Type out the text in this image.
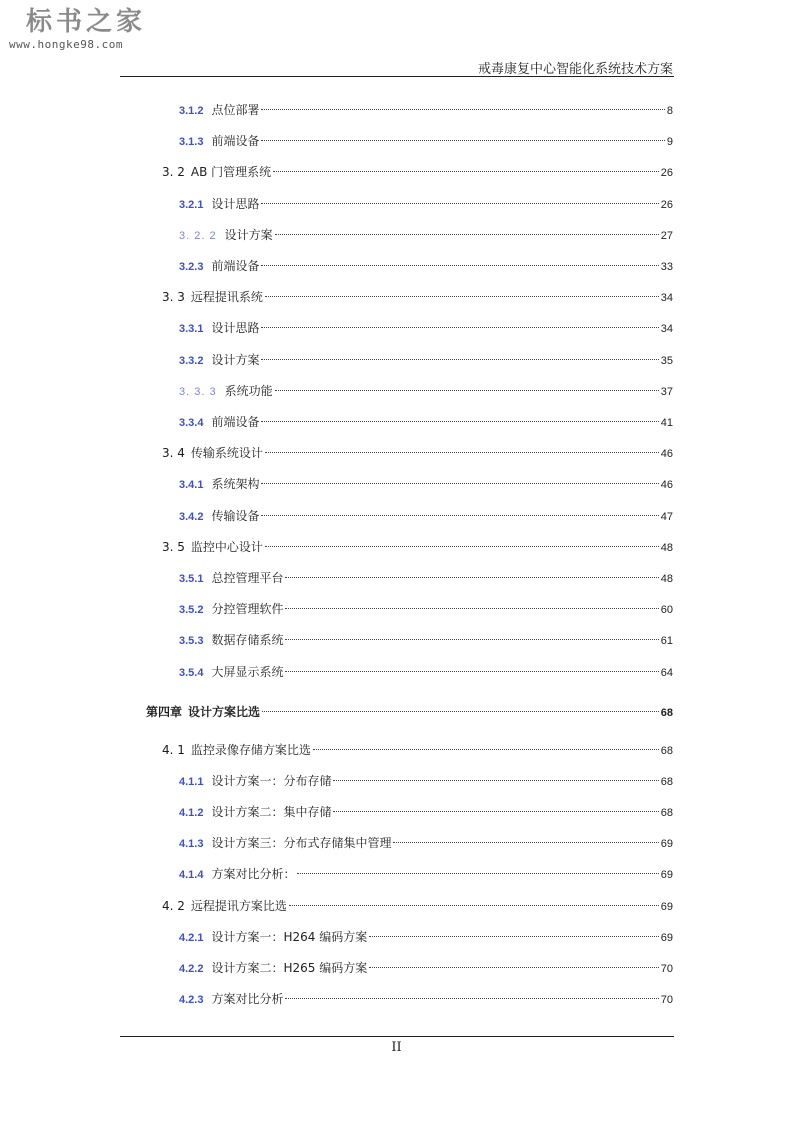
标书之家
www.hongke98.com
戒毒康复中心智能化系统技术方案
3.1.2 点位部署	8
3.1.3 前端设备	9
3. 2 AB 门管理系统	26
3.2.1 设计思路	26
3. 2. 2 设计方案	27
3.2.3 前端设备	33
3. 3 远程提讯系统	34
3.3.1 设计思路	34
3.3.2 设计方案	35
3. 3. 3 系统功能	37
3.3.4 前端设备	41
3. 4 传输系统设计	46
3.4.1 系统架构	46
3.4.2 传输设备	47
3. 5 监控中心设计	48
3.5.1 总控管理平台	48
3.5.2 分控管理软件	60
3.5.3 数据存储系统	61
3.5.4 大屏显示系统	64
第四章 设计方案比选	68
4. 1 监控录像存储方案比选	68
4.1.1 设计方案一：分布存储	68
4.1.2 设计方案二：集中存储	68
4.1.3 设计方案三：分布式存储集中管理	69
4.1.4 方案对比分析：	69
4. 2 远程提讯方案比选	69
4.2.1 设计方案一：H264 编码方案	69
4.2.2 设计方案二：H265 编码方案	70
4.2.3 方案对比分析	70
II
